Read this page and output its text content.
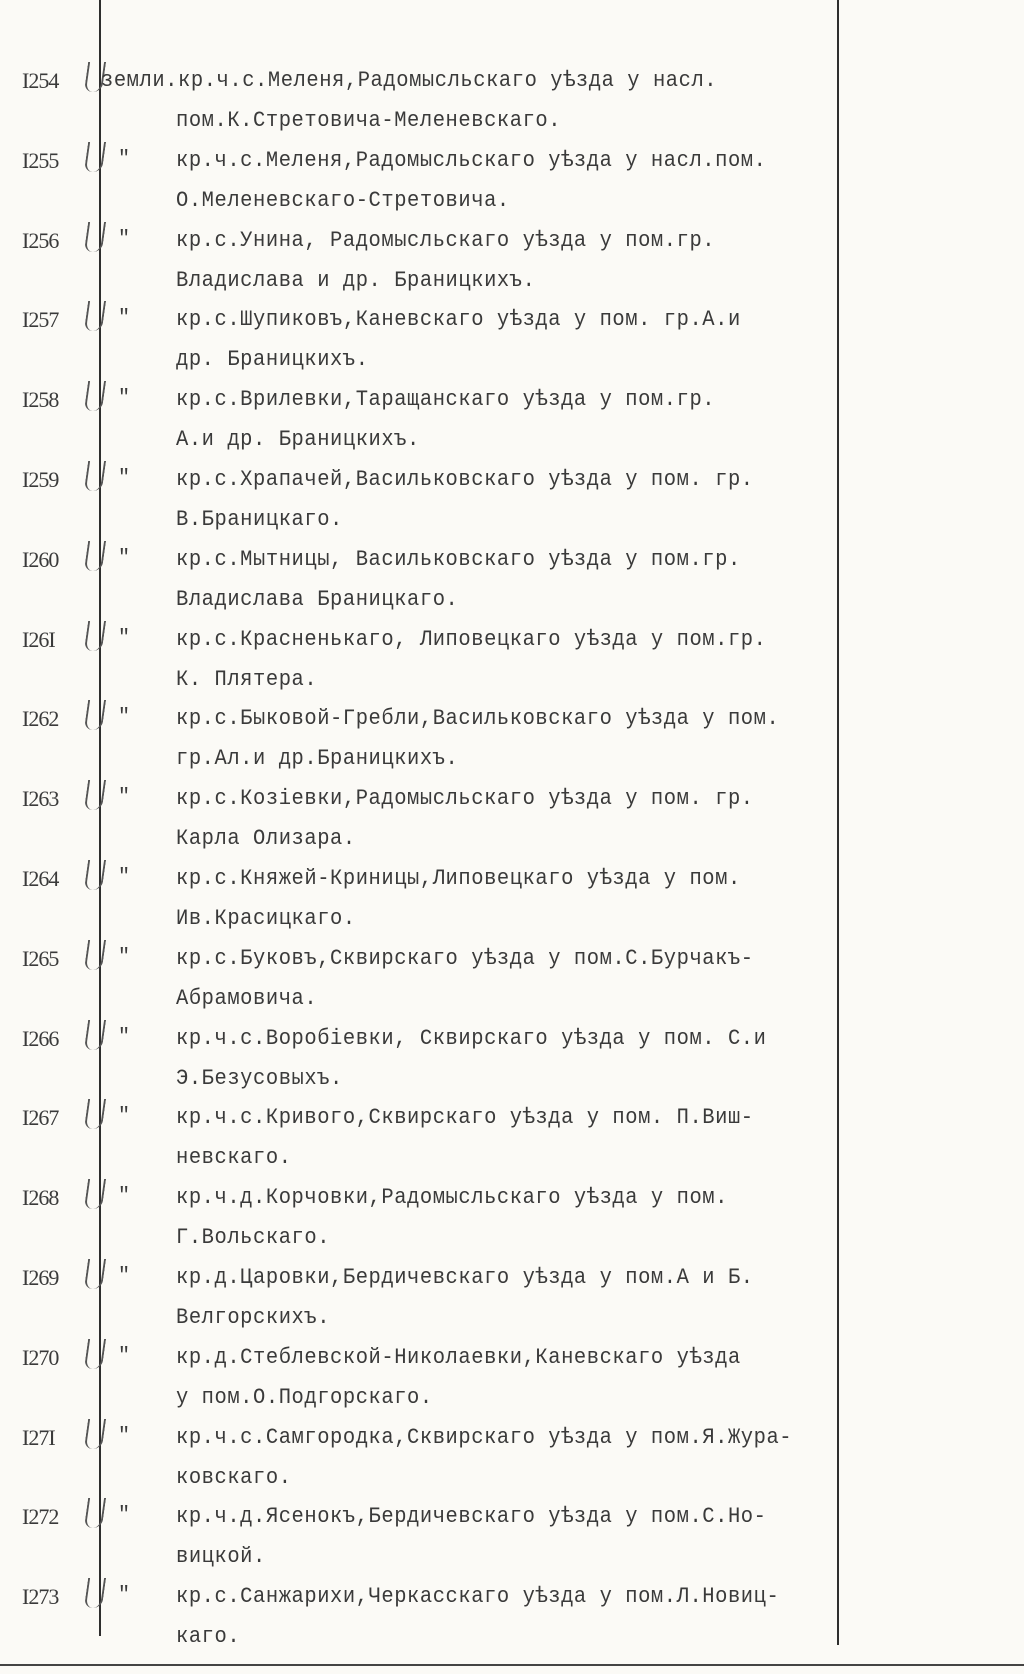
I254 земли.кр.ч.с.Меленя,Радомысльскаго уѣзда у насл.
пом.К.Стретовича-Меленевскаго.
I255	" кр.ч.с.Меленя,Радомысльскаго уѣзда у насл.пом.
О.Меленевскаго-Стретовича.
I256	" кр.с.Унина, Радомысльскаго уѣзда у пом.гр.
Владислава и др. Браницкихъ.
I257	" кр.с.Шупиковъ,Каневскаго уѣзда у пом. гр.А.и
др. Браницкихъ.
I258	" кр.с.Врилевки,Таращанскаго уѣзда у пом.гр.
А.и др. Браницкихъ.
I259	" кр.с.Храпачей,Васильковскаго уѣзда у пом. гр.
В.Браницкаго.
I260	" кр.с.Мытницы, Васильковскаго уѣзда у пом.гр.
Владислава Браницкаго.
I26I	" кр.с.Красненькаго, Липовецкаго уѣзда у пом.гр.
К. Плятера.
I262	" кр.с.Быковой-Гребли,Васильковскаго уѣзда у пом.
гр.Ал.и др.Браницкихъ.
I263	" кр.с.Козіевки,Радомысльскаго уѣзда у пом. гр.
Карла Олизара.
I264	" кр.с.Княжей-Криницы,Липовецкаго уѣзда у пом.
Ив.Красицкаго.
I265	" кр.с.Буковъ,Сквирскаго уѣзда у пом.С.Бурчакъ-
Абрамовича.
I266	" кр.ч.с.Воробіевки, Сквирскаго уѣзда у пом. С.и
Э.Безусовыхъ.
I267	" кр.ч.с.Кривого,Сквирскаго уѣзда у пом. П.Виш-
невскаго.
I268	" кр.ч.д.Корчовки,Радомысльскаго уѣзда у пом.
Г.Вольскаго.
I269	" кр.д.Царовки,Бердичевскаго уѣзда у пом.А и Б.
Велгорскихъ.
I270	" кр.д.Стеблевской-Николаевки,Каневскаго уѣзда
у пом.О.Подгорскаго.
I27I	" кр.ч.с.Самгородка,Сквирскаго уѣзда у пом.Я.Жура-
ковскаго.
I272	" кр.ч.д.Ясенокъ,Бердичевскаго уѣзда у пом.С.Но-
вицкой.
I273	" кр.с.Санжарихи,Черкасскаго уѣзда у пом.Л.Новиц-
каго.
